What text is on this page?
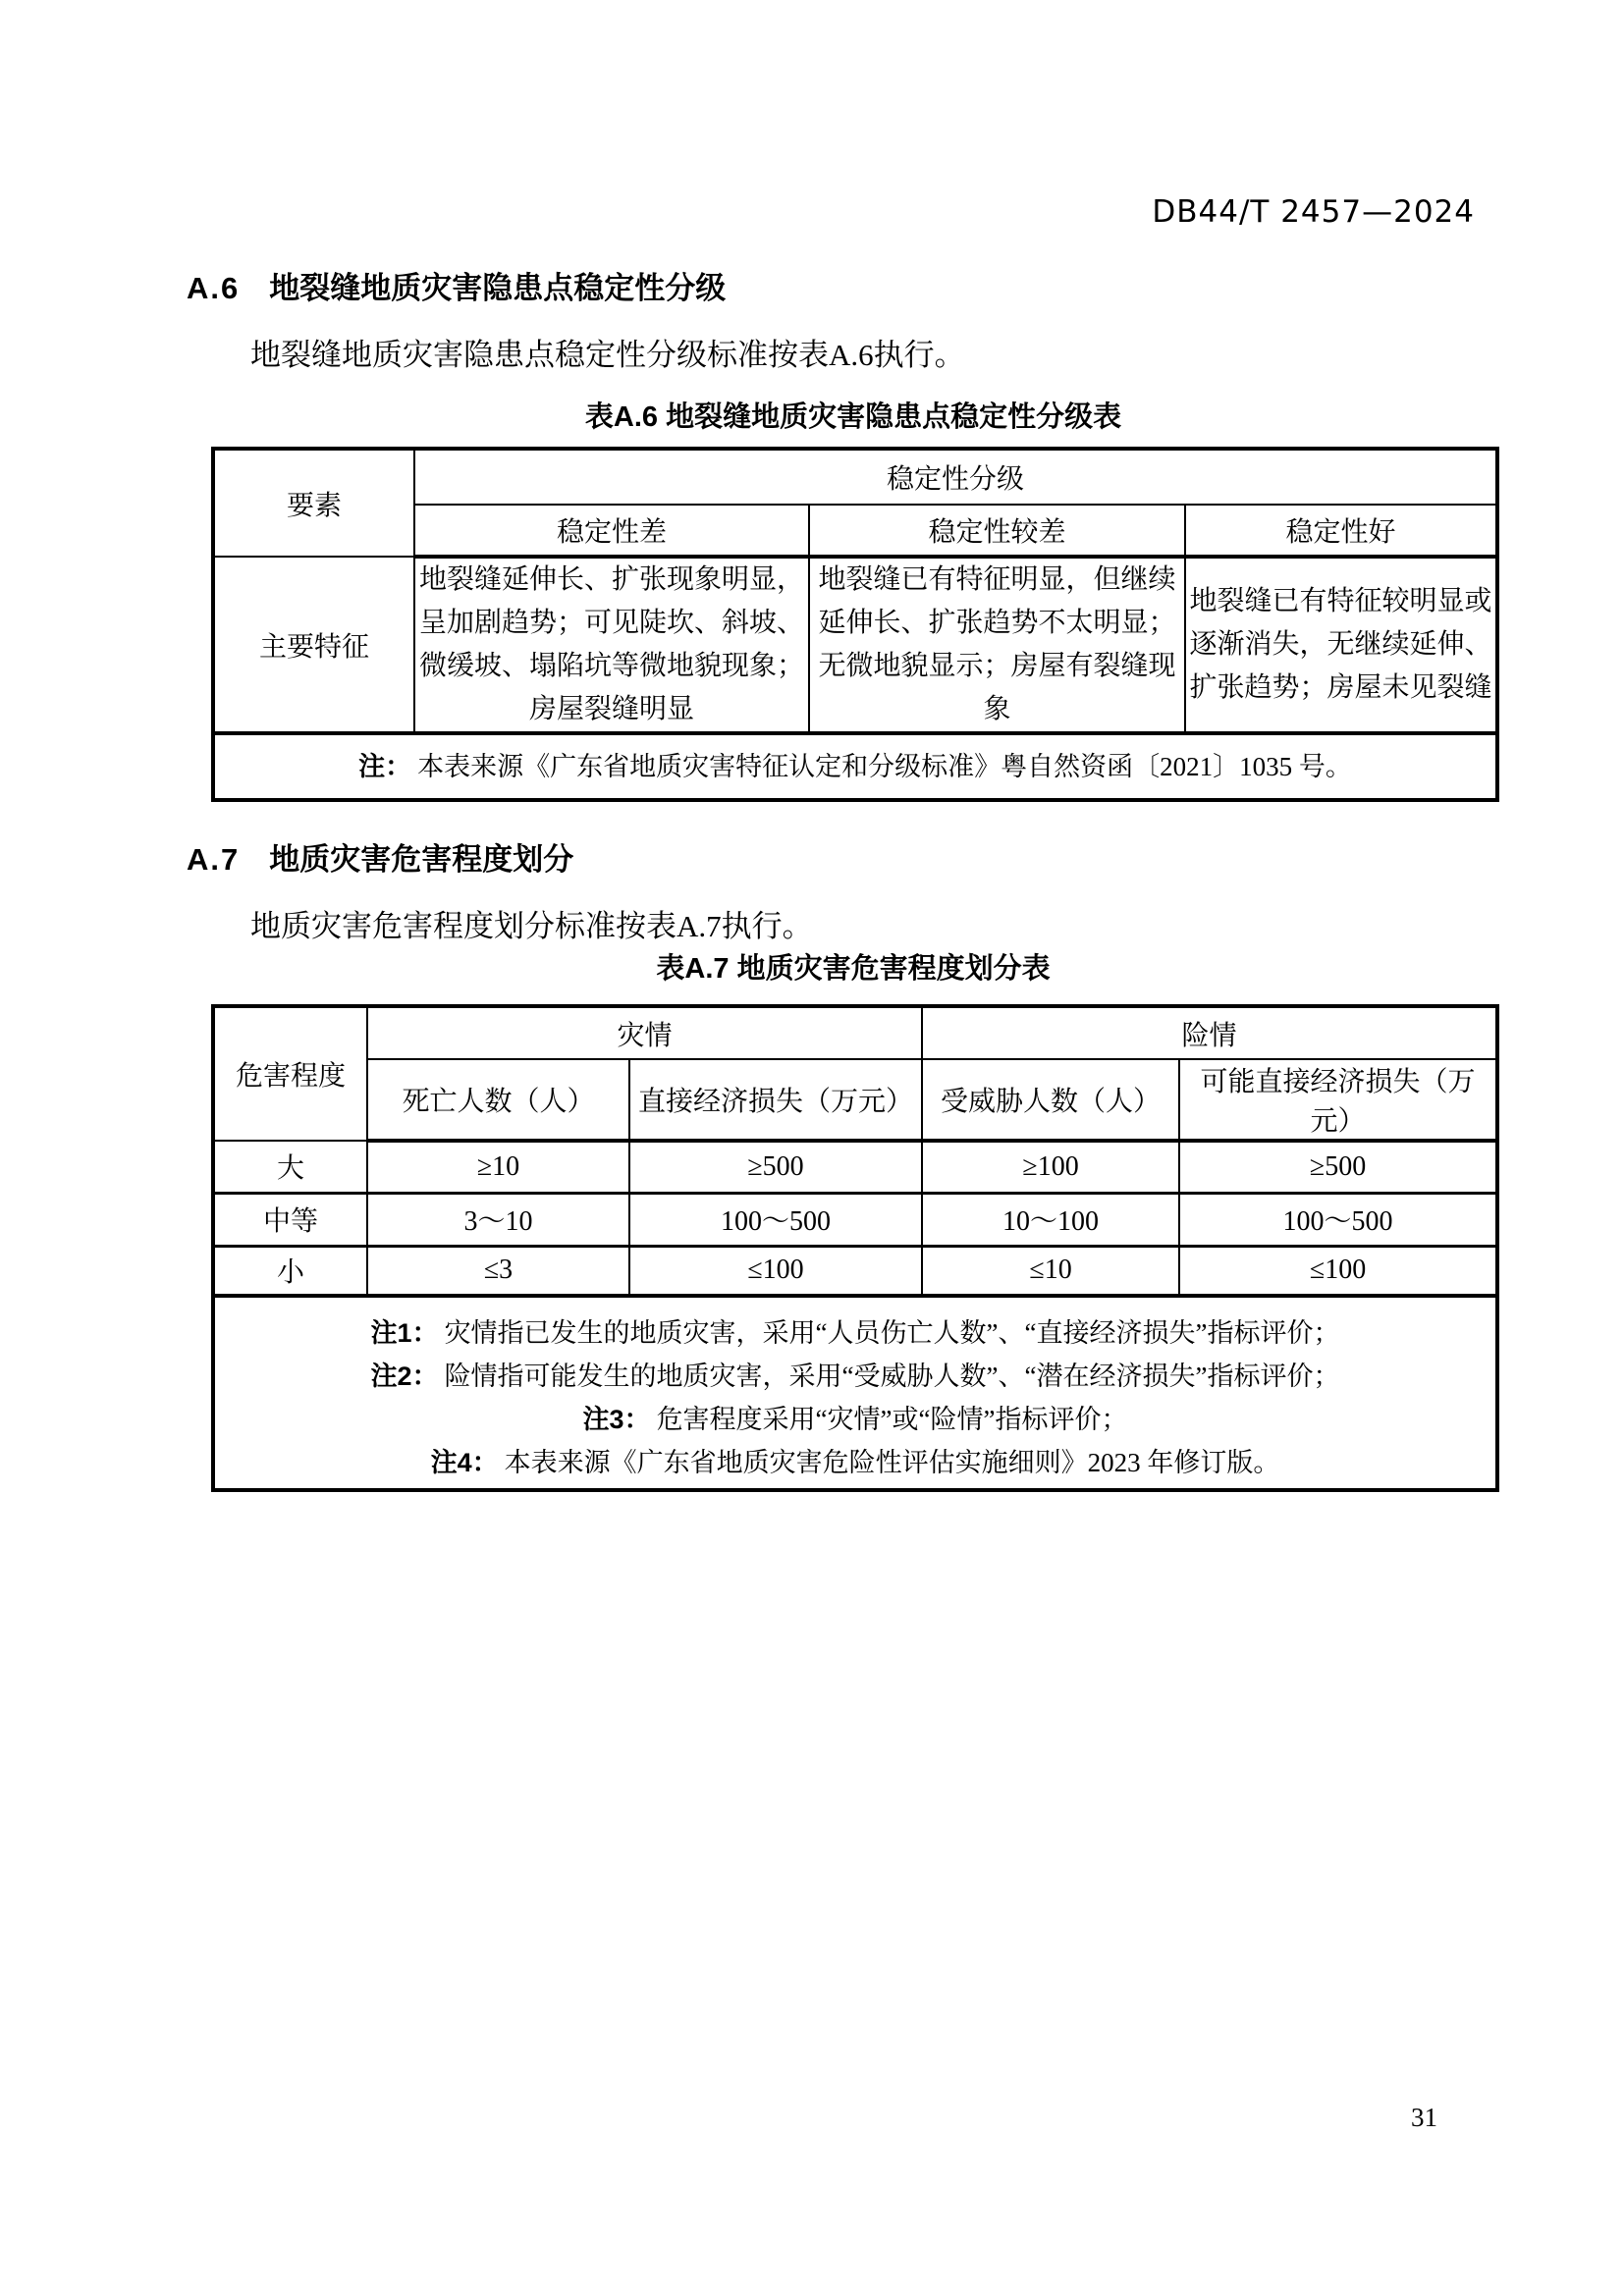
DB44/T 2457—2024
A.6 地裂缝地质灾害隐患点稳定性分级
地裂缝地质灾害隐患点稳定性分级标准按表A.6执行。
表A.6 地裂缝地质灾害隐患点稳定性分级表
要素	稳定性分级		
	稳定性差	稳定性较差	稳定性好
主要特征	地裂缝延伸长、扩张现象明显，呈加剧趋势；可见陡坎、斜坡、微缓坡、塌陷坑等微地貌现象；房屋裂缝明显	地裂缝已有特征明显，但继续延伸长、扩张趋势不太明显；无微地貌显示；房屋有裂缝现象	地裂缝已有特征较明显或逐渐消失，无继续延伸、扩张趋势；房屋未见裂缝
注： 本表来源《广东省地质灾害特征认定和分级标准》粤自然资函〔2021〕1035 号。			
A.7 地质灾害危害程度划分
地质灾害危害程度划分标准按表A.7执行。
表A.7 地质灾害危害程度划分表
危害程度	灾情		险情	
	死亡人数（人）	直接经济损失（万元）	受威胁人数（人）	可能直接经济损失（万元）
大	≥10	≥500	≥100	≥500
中等	3～10	100～500	10～100	100～500
小	≤3	≤100	≤10	≤100

注1： 灾情指已发生的地质灾害，采用“人员伤亡人数”、“直接经济损失”指标评价；
注2： 险情指可能发生的地质灾害，采用“受威胁人数”、“潜在经济损失”指标评价；
注3： 危害程度采用“灾情”或“险情”指标评价；
注4： 本表来源《广东省地质灾害危险性评估实施细则》2023 年修订版。				
31
